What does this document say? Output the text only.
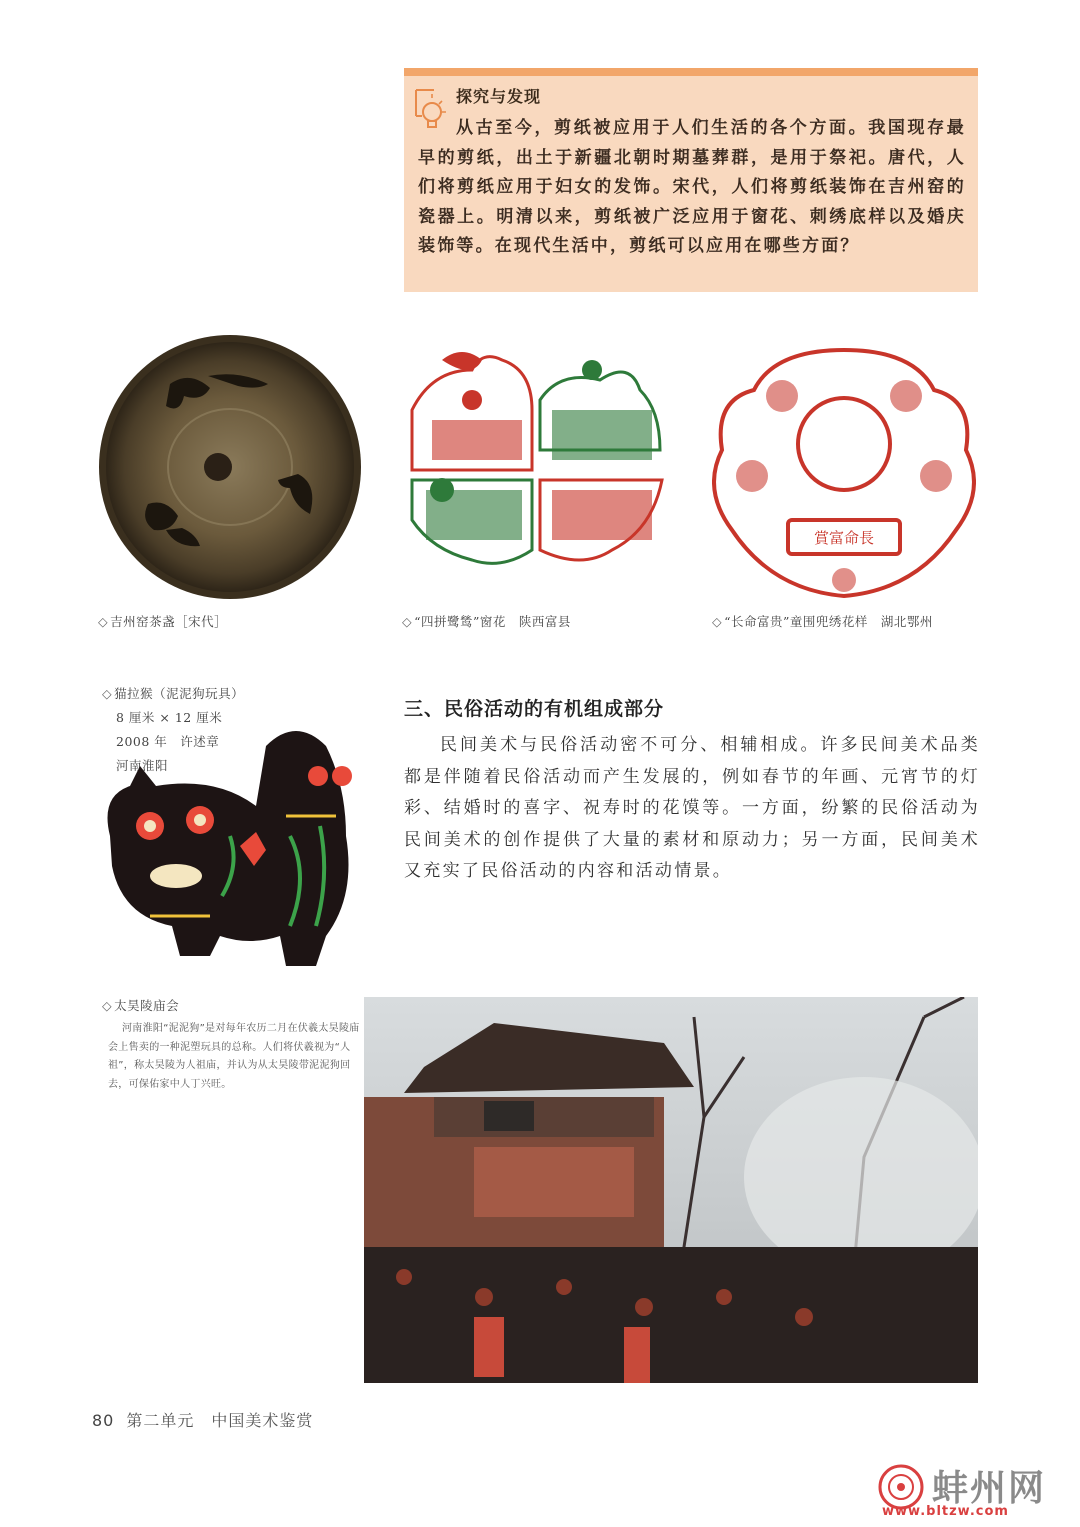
探究与发现
从古至今，剪纸被应用于人们生活的各个方面。我国现存最早的剪纸，出土于新疆北朝时期墓葬群，是用于祭祀。唐代，人们将剪纸应用于妇女的发饰。宋代，人们将剪纸装饰在吉州窑的瓷器上。明清以来，剪纸被广泛应用于窗花、刺绣底样以及婚庆装饰等。在现代生活中，剪纸可以应用在哪些方面？
賞富命長
◇ 吉州窑茶盏［宋代］	◇ “四拼鹭鸶”窗花　陕西富县	◇ “长命富贵”童围兜绣花样　湖北鄂州
◇ 猫拉猴（泥泥狗玩具）
8 厘米 × 12 厘米
2008 年　许述章
河南淮阳
◇ 太昊陵庙会
河南淮阳“泥泥狗”是对每年农历二月在伏羲太昊陵庙会上售卖的一种泥塑玩具的总称。人们将伏羲视为“人祖”，称太昊陵为人祖庙，并认为从太昊陵带泥泥狗回去，可保佑家中人丁兴旺。
三、民俗活动的有机组成部分
民间美术与民俗活动密不可分、相辅相成。许多民间美术品类都是伴随着民俗活动而产生发展的，例如春节的年画、元宵节的灯彩、结婚时的喜字、祝寿时的花馍等。一方面，纷繁的民俗活动为民间美术的创作提供了大量的素材和原动力；另一方面，民间美术又充实了民俗活动的内容和活动情景。
80 第二单元　中国美术鉴赏
蚌州网
www.bltzw.com
